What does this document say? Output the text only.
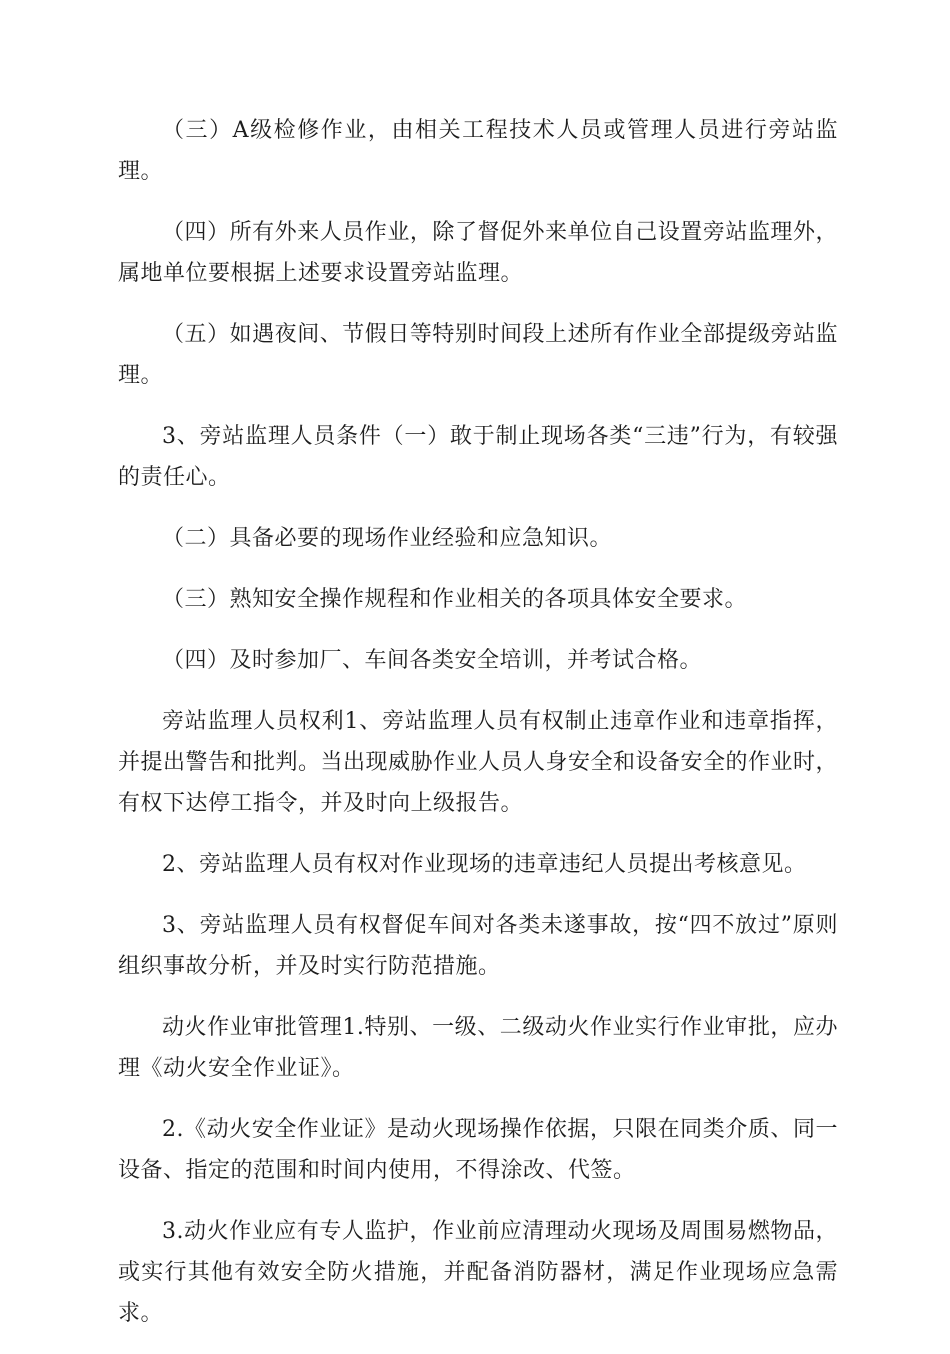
（三）A级检修作业，由相关工程技术人员或管理人员进行旁站监理。

（四）所有外来人员作业，除了督促外来单位自己设置旁站监理外，属地单位要根据上述要求设置旁站监理。

（五）如遇夜间、节假日等特别时间段上述所有作业全部提级旁站监理。

3、旁站监理人员条件（一）敢于制止现场各类“三违”行为，有较强的责任心。

（二）具备必要的现场作业经验和应急知识。

（三）熟知安全操作规程和作业相关的各项具体安全要求。

（四）及时参加厂、车间各类安全培训，并考试合格。

旁站监理人员权利1、旁站监理人员有权制止违章作业和违章指挥，并提出警告和批判。当出现威胁作业人员人身安全和设备安全的作业时，有权下达停工指令，并及时向上级报告。

2、旁站监理人员有权对作业现场的违章违纪人员提出考核意见。

3、旁站监理人员有权督促车间对各类未遂事故，按“四不放过”原则组织事故分析，并及时实行防范措施。

动火作业审批管理1.特别、一级、二级动火作业实行作业审批，应办理《动火安全作业证》。

2.《动火安全作业证》是动火现场操作依据，只限在同类介质、同一设备、指定的范围和时间内使用，不得涂改、代签。

3.动火作业应有专人监护，作业前应清理动火现场及周围易燃物品，或实行其他有效安全防火措施，并配备消防器材，满足作业现场应急需求。
